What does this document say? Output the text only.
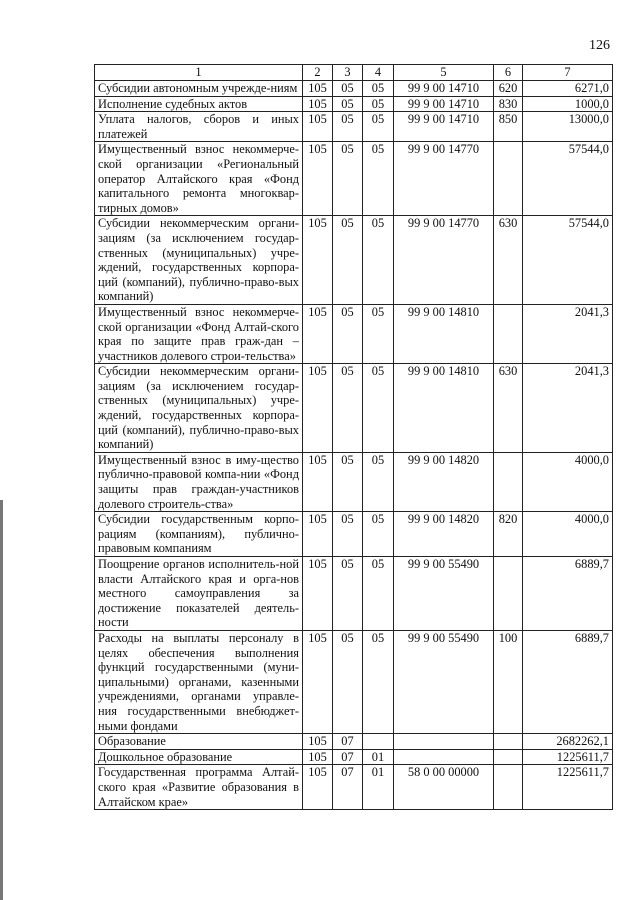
126
1	2	3	4	5	6	7
Субсидии автономным учрежде-ниям	105	05	05	99 9 00 14710	620	6271,0
Исполнение судебных актов	105	05	05	99 9 00 14710	830	1000,0
Уплата налогов, сборов и иных платежей	105	05	05	99 9 00 14710	850	13000,0
Имущественный взнос некоммерче-ской организации «Региональный оператор Алтайского края «Фонд капитального ремонта многоквар-тирных домов»	105	05	05	99 9 00 14770		57544,0
Субсидии некоммерческим органи-зациям (за исключением государ-ственных (муниципальных) учре-ждений, государственных корпора-ций (компаний), публично-право-вых компаний)	105	05	05	99 9 00 14770	630	57544,0
Имущественный взнос некоммерче-ской организации «Фонд Алтай-ского края по защите прав граж-дан – участников долевого строи-тельства»	105	05	05	99 9 00 14810		2041,3
Субсидии некоммерческим органи-зациям (за исключением государ-ственных (муниципальных) учре-ждений, государственных корпора-ций (компаний), публично-право-вых компаний)	105	05	05	99 9 00 14810	630	2041,3
Имущественный взнос в иму-щество публично-правовой компа-нии «Фонд защиты прав граждан-участников долевого строитель-ства»	105	05	05	99 9 00 14820		4000,0
Субсидии государственным корпо-рациям (компаниям), публично-правовым компаниям	105	05	05	99 9 00 14820	820	4000,0
Поощрение органов исполнитель-ной власти Алтайского края и орга-нов местного самоуправления за достижение показателей деятель-ности	105	05	05	99 9 00 55490		6889,7
Расходы на выплаты персоналу в целях обеспечения выполнения функций государственными (муни-ципальными) органами, казенными учреждениями, органами управле-ния государственными внебюджет-ными фондами	105	05	05	99 9 00 55490	100	6889,7
Образование	105	07				2682262,1
Дошкольное образование	105	07	01			1225611,7
Государственная программа Алтай-ского края «Развитие образования в Алтайском крае»	105	07	01	58 0 00 00000		1225611,7
